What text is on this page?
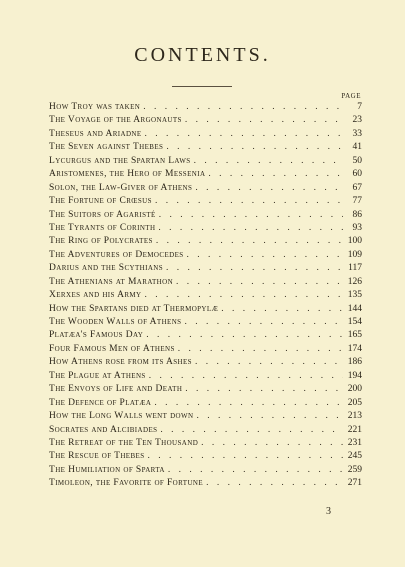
CONTENTS.
PAGE
How Troy was taken . . .	7
The Voyage of the Argonauts . . .	23
Theseus and Ariadne . . .	33
The Seven against Thebes . . .	41
Lycurgus and the Spartan Laws . . .	50
Aristomenes, the Hero of Messenia . . .	60
Solon, the Law-Giver of Athens . . .	67
The Fortune of Crœsus . . .	77
The Suitors of Agaristé . . .	86
The Tyrants of Corinth . . .	93
The Ring of Polycrates . . .	100
The Adventures of Democedes . . .	109
Darius and the Scythians . . .	117
The Athenians at Marathon . . .	126
Xerxes and his Army . . .	135
How the Spartans died at Thermopylæ . . .	144
The Wooden Walls of Athens . . .	154
Platæa's Famous Day . . .	165
Four Famous Men of Athens . . .	174
How Athens rose from its Ashes . . .	186
The Plague at Athens . . .	194
The Envoys of Life and Death . . .	200
The Defence of Platæa . . .	205
How the Long Walls went down . . .	213
Socrates and Alcibiades . . .	221
The Retreat of the Ten Thousand . . .	231
The Rescue of Thebes . . .	245
The Humiliation of Sparta . . .	259
Timoleon, the Favorite of Fortune . . .	271
3
